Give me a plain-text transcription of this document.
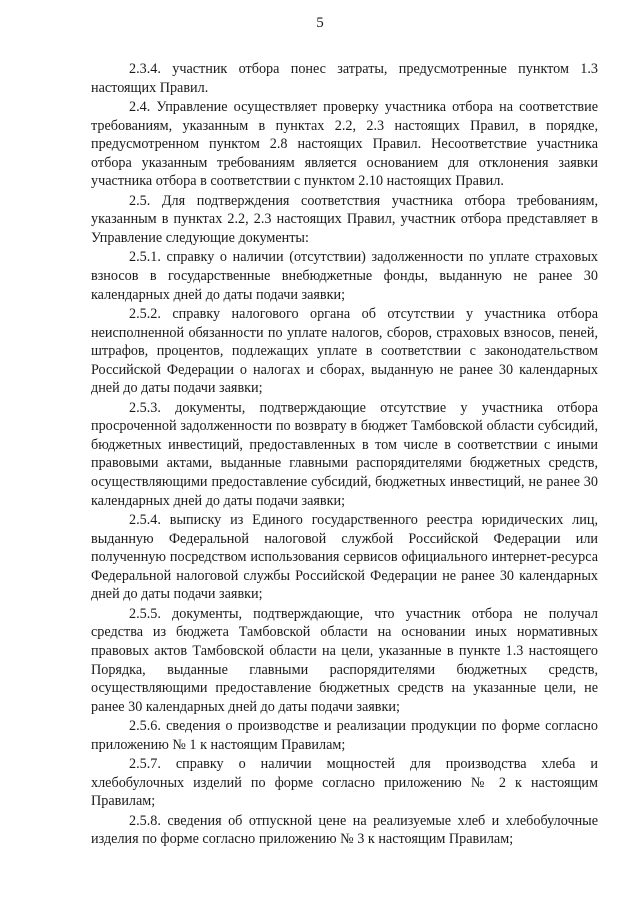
5

2.3.4. участник отбора понес затраты, предусмотренные пунктом 1.3 настоящих Правил.

2.4. Управление осуществляет проверку участника отбора на соответствие требованиям, указанным в пунктах 2.2, 2.3 настоящих Правил, в порядке, предусмотренном пунктом 2.8 настоящих Правил. Несоответствие участника отбора указанным требованиям является основанием для отклонения заявки участника отбора в соответствии с пунктом 2.10 настоящих Правил.

2.5. Для подтверждения соответствия участника отбора требованиям, указанным в пунктах 2.2, 2.3 настоящих Правил, участник отбора представляет в Управление следующие документы:

2.5.1. справку о наличии (отсутствии) задолженности по уплате страховых взносов в государственные внебюджетные фонды, выданную не ранее 30 календарных дней до даты подачи заявки;

2.5.2. справку налогового органа об отсутствии у участника отбора неисполненной обязанности по уплате налогов, сборов, страховых взносов, пеней, штрафов, процентов, подлежащих уплате в соответствии с законодательством Российской Федерации о налогах и сборах, выданную не ранее 30 календарных дней до даты подачи заявки;

2.5.3. документы, подтверждающие отсутствие у участника отбора просроченной задолженности по возврату в бюджет Тамбовской области субсидий, бюджетных инвестиций, предоставленных в том числе в соответствии с иными правовыми актами, выданные главными распорядителями бюджетных средств, осуществляющими предоставление субсидий, бюджетных инвестиций, не ранее 30 календарных дней до даты подачи заявки;

2.5.4. выписку из Единого государственного реестра юридических лиц, выданную Федеральной налоговой службой Российской Федерации или полученную посредством использования сервисов официального интернет-ресурса Федеральной налоговой службы Российской Федерации не ранее 30 календарных дней до даты подачи заявки;

2.5.5. документы, подтверждающие, что участник отбора не получал средства из бюджета Тамбовской области на основании иных нормативных правовых актов Тамбовской области на цели, указанные в пункте 1.3 настоящего Порядка, выданные главными распорядителями бюджетных средств, осуществляющими предоставление бюджетных средств на указанные цели, не ранее 30 календарных дней до даты подачи заявки;

2.5.6. сведения о производстве и реализации продукции по форме согласно приложению № 1 к настоящим Правилам;

2.5.7. справку о наличии мощностей для производства хлеба и хлебобулочных изделий по форме согласно приложению № 2 к настоящим Правилам;

2.5.8. сведения об отпускной цене на реализуемые хлеб и хлебобулочные изделия по форме согласно приложению № 3 к настоящим Правилам;
